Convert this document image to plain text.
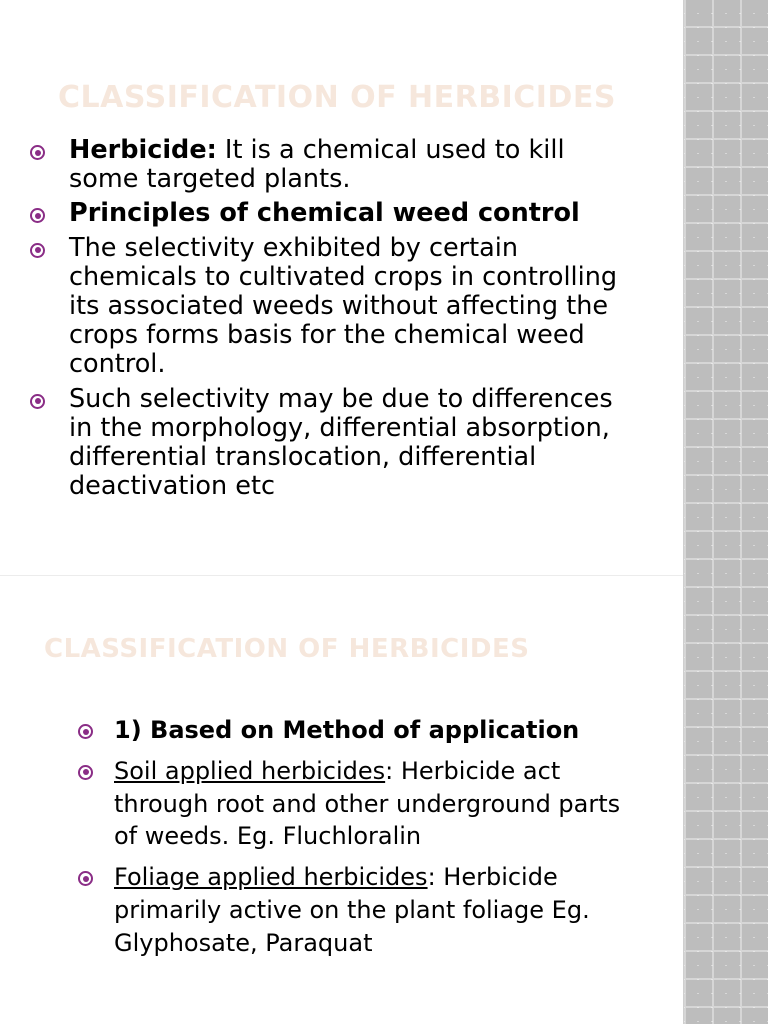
CLASSIFICATION OF HERBICIDES
Herbicide: It is a chemical used to kill some targeted plants.
Principles of chemical weed control
The selectivity exhibited by certain chemicals to cultivated crops in controlling its associated weeds without affecting the crops forms basis for the chemical weed control.
Such selectivity may be due to differences in the morphology, differential absorption, differential translocation, differential deactivation etc
CLASSIFICATION OF HERBICIDES
1) Based on Method of application
Soil applied herbicides: Herbicide act through root and other underground parts of weeds. Eg. Fluchloralin
Foliage applied herbicides: Herbicide primarily active on the plant foliage Eg. Glyphosate, Paraquat
